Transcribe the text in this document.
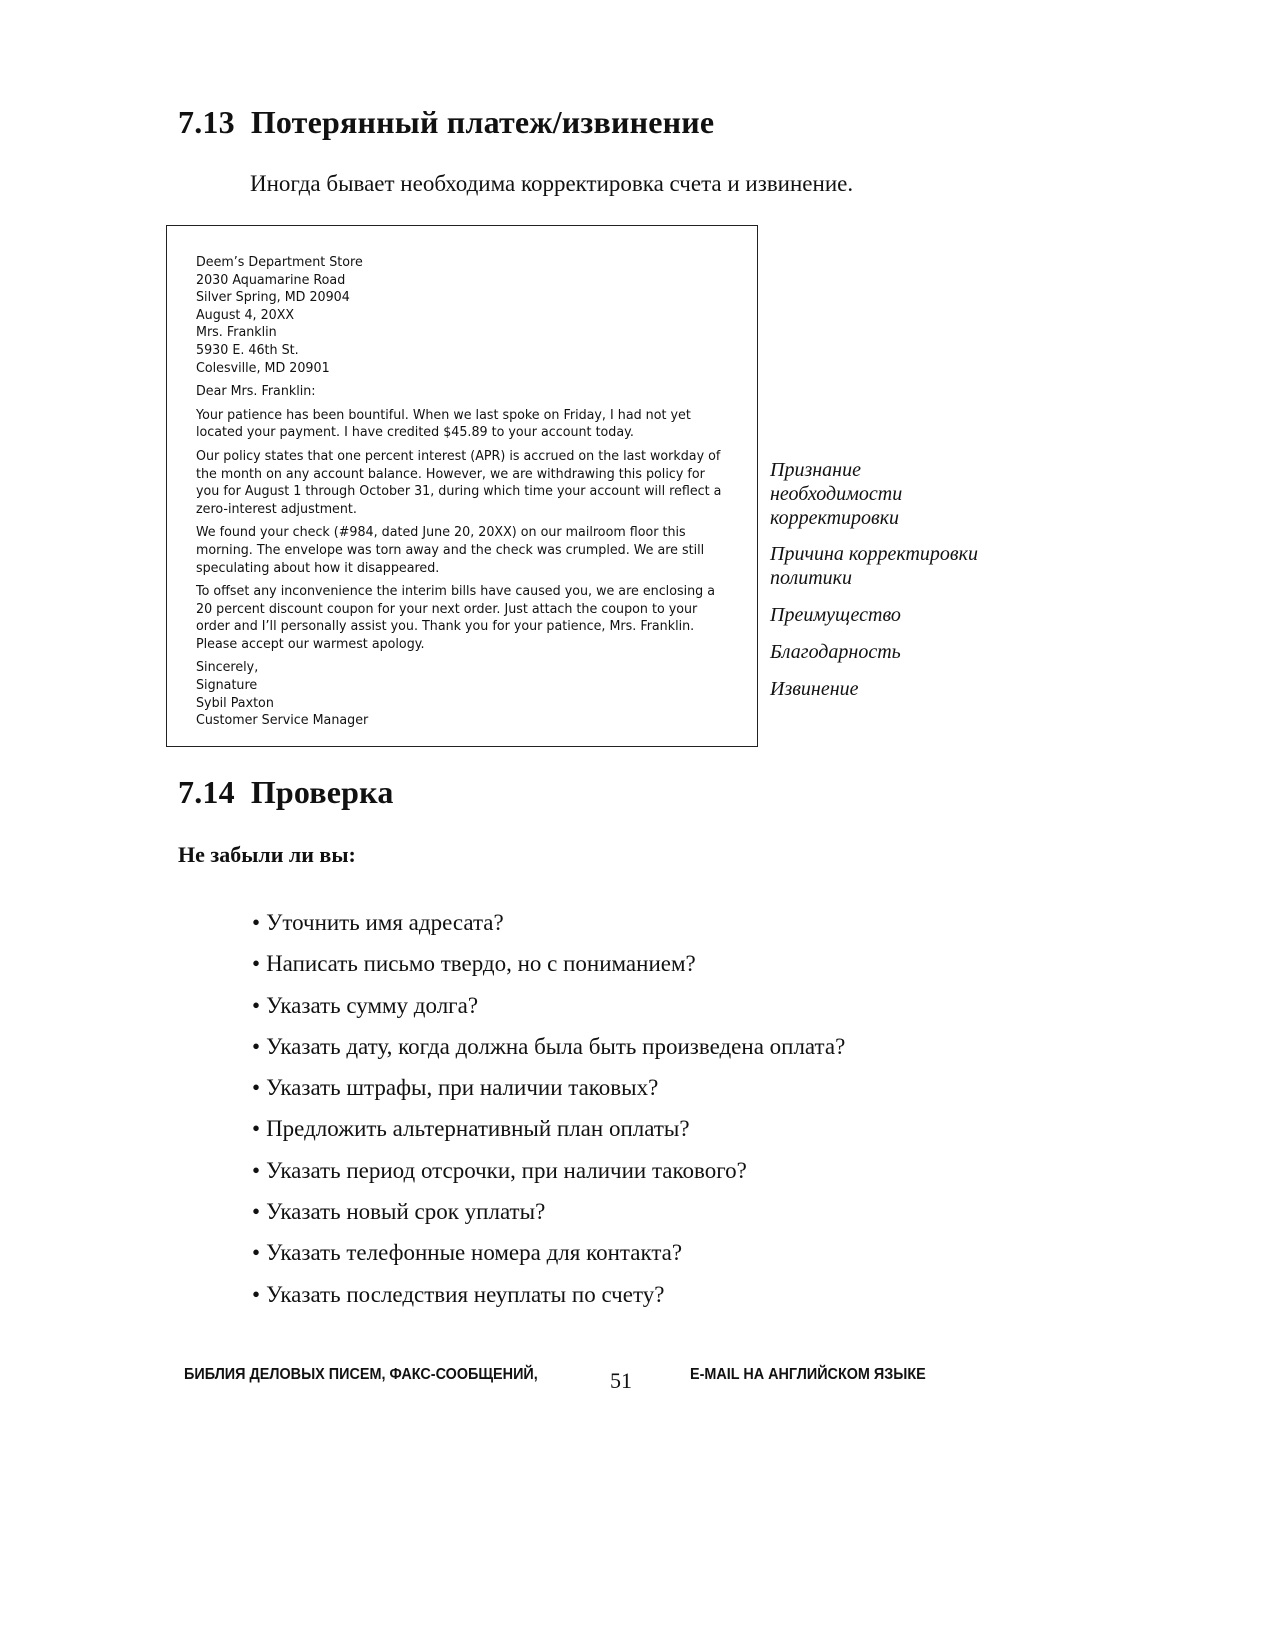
7.13 Потерянный платеж/извинение

Иногда бывает необходима корректировка счета и извинение.

Deem’s Department Store
2030 Aquamarine Road
Silver Spring, MD 20904
August 4, 20XX
Mrs. Franklin
5930 E. 46th St.
Colesville, MD 20901
Dear Mrs. Franklin:
Your patience has been bountiful. When we last spoke on Friday, I had not yet
located your payment. I have credited $45.89 to your account today.
Our policy states that one percent interest (APR) is accrued on the last workday of
the month on any account balance. However, we are withdrawing this policy for
you for August 1 through October 31, during which time your account will reflect a
zero-interest adjustment.
We found your check (#984, dated June 20, 20XX) on our mailroom floor this
morning. The envelope was torn away and the check was crumpled. We are still
speculating about how it disappeared.
To offset any inconvenience the interim bills have caused you, we are enclosing a
20 percent discount coupon for your next order. Just attach the coupon to your
order and I’ll personally assist you. Thank you for your patience, Mrs. Franklin.
Please accept our warmest apology.
Sincerely,
Signature
Sybil Paxton
Customer Service Manager
Признание
необходимости
корректировки
Причина корректировки
политики
Преимущество
Благодарность
Извинение
7.14 Проверка

Не забыли ли вы:

• Уточнить имя адресата?
• Написать письмо твердо, но с пониманием?
• Указать сумму долга?
• Указать дату, когда должна была быть произведена оплата?
• Указать штрафы, при наличии таковых?
• Предложить альтернативный план оплаты?
• Указать период отсрочки, при наличии такового?
• Указать новый срок уплаты?
• Указать телефонные номера для контакта?
• Указать последствия неуплаты по счету?
БИБЛИЯ ДЕЛОВЫХ ПИСЕМ, ФАКС-СООБЩЕНИЙ,	51	E-MAIL НА АНГЛИЙСКОМ ЯЗЫКЕ
